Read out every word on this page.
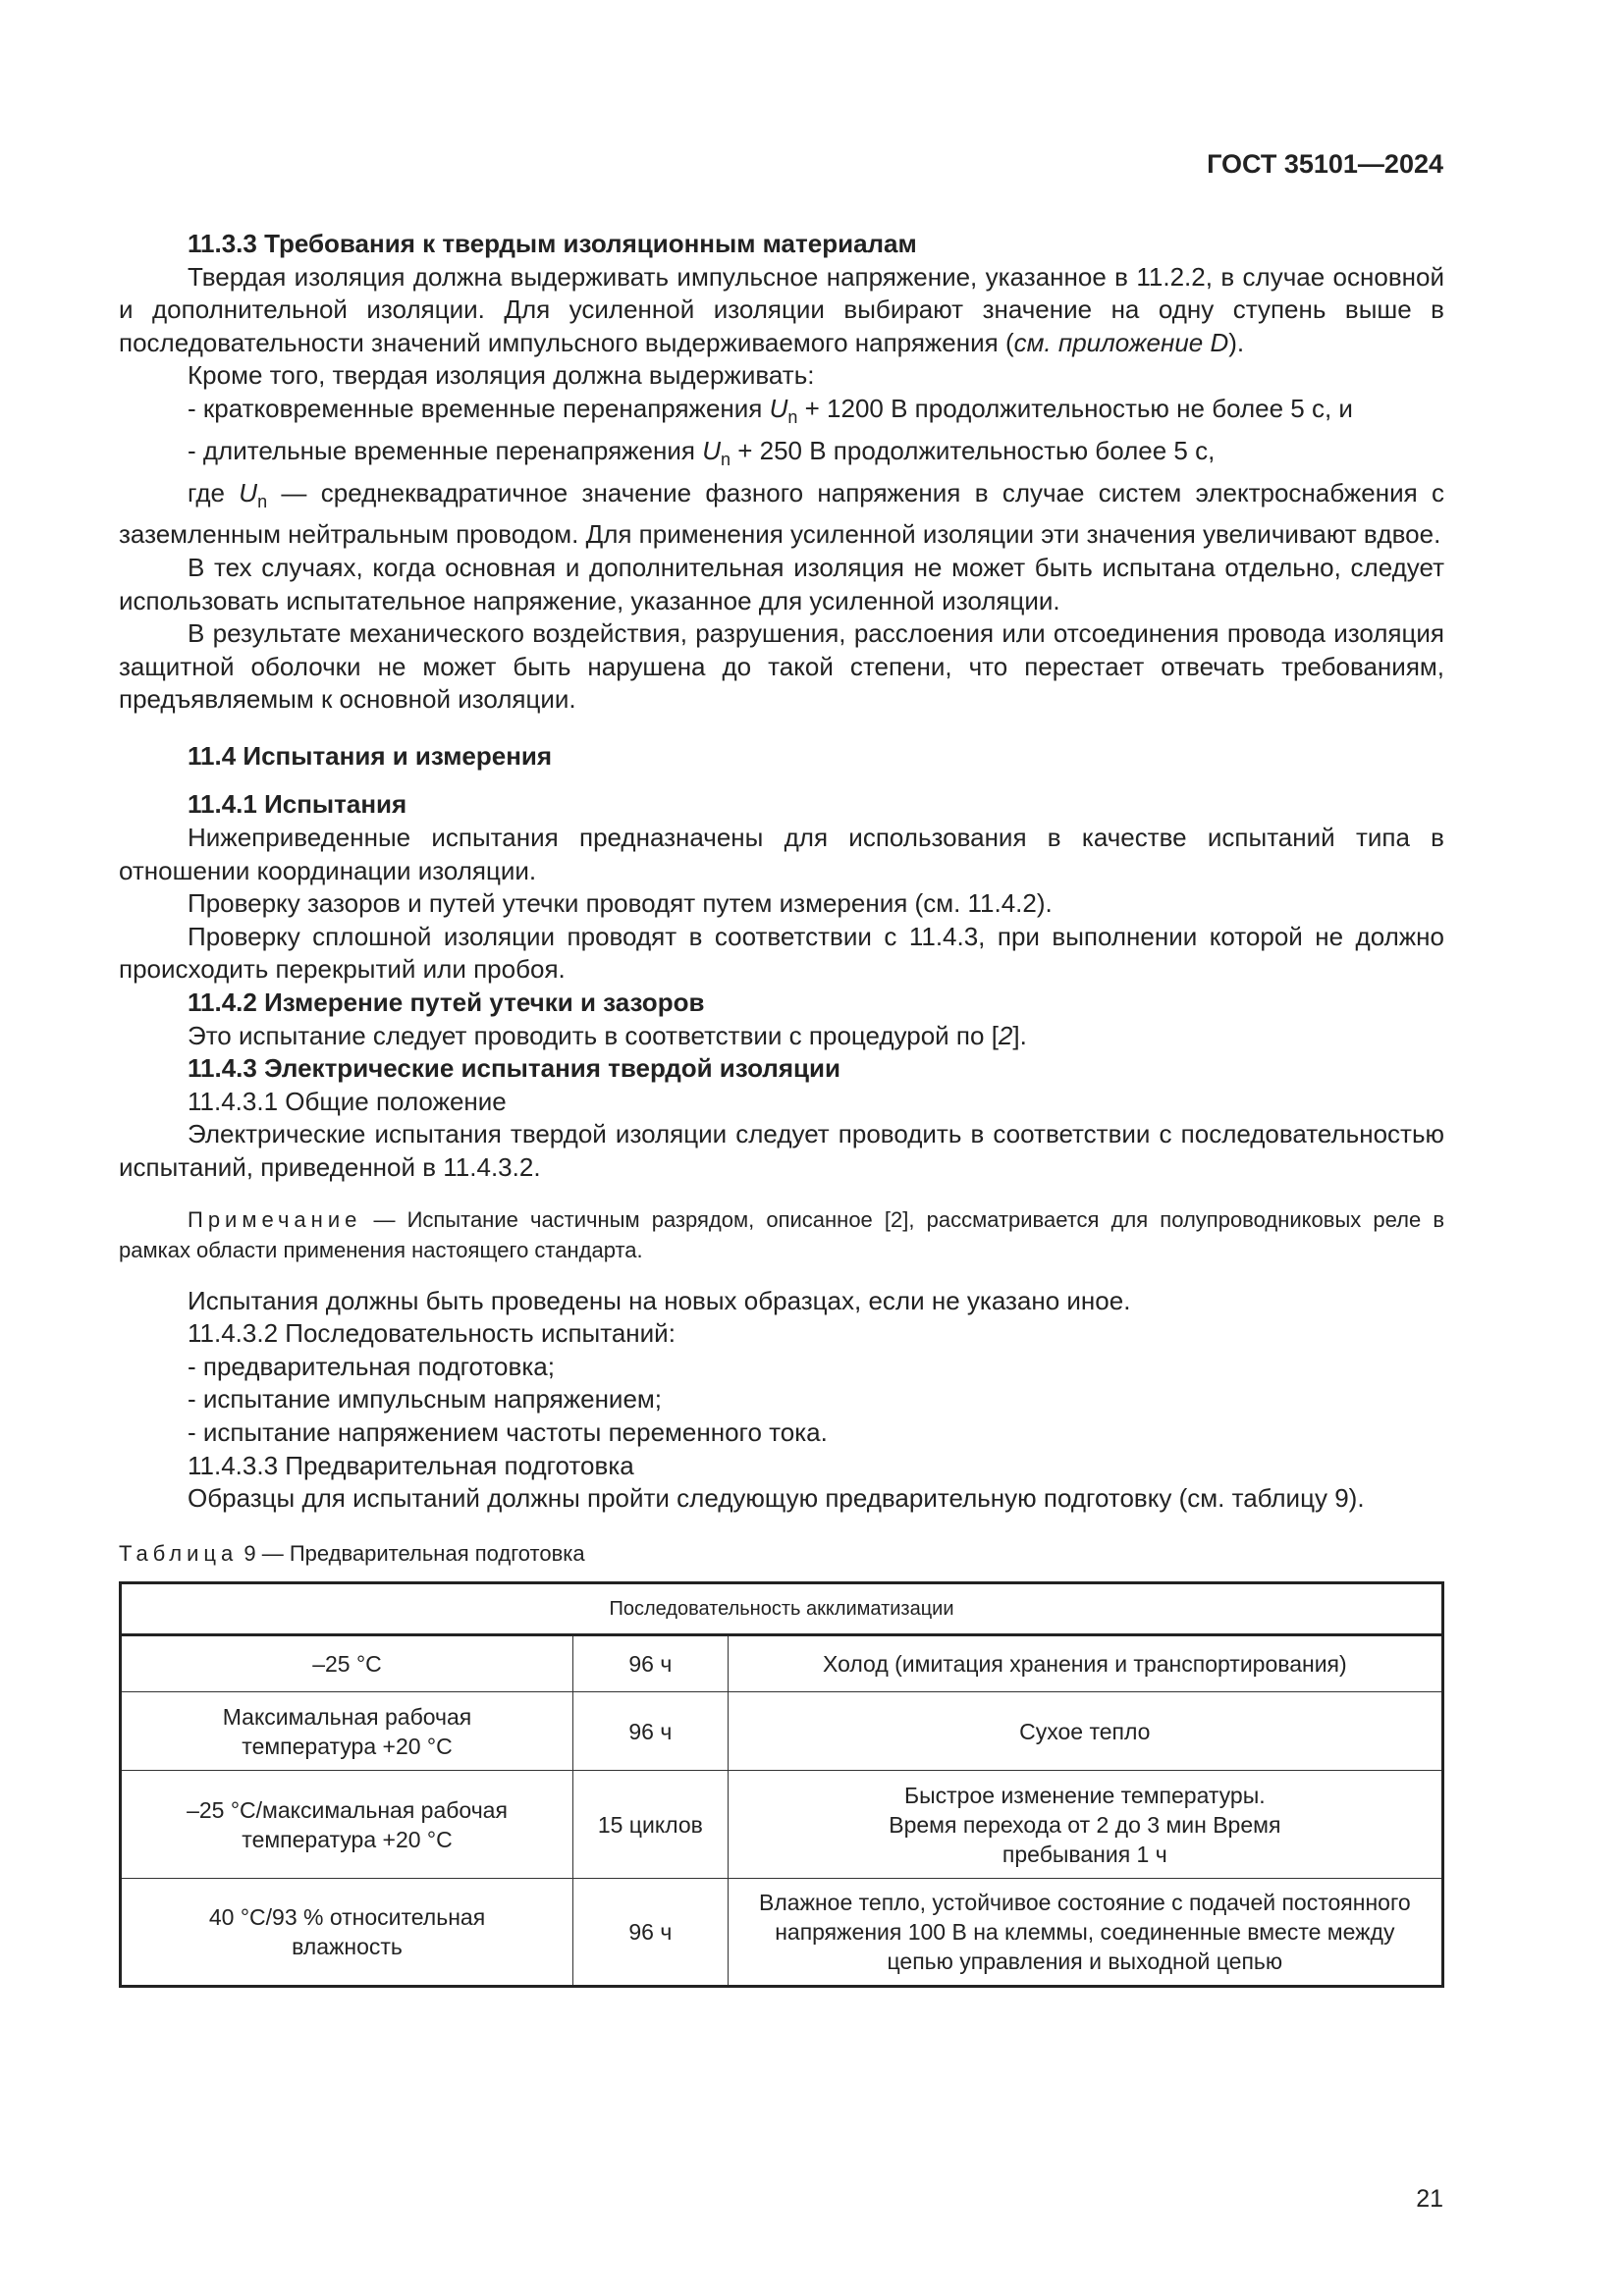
ГОСТ 35101—2024

11.3.3 Требования к твердым изоляционным материалам

Твердая изоляция должна выдерживать импульсное напряжение, указанное в 11.2.2, в случае основной и дополнительной изоляции. Для усиленной изоляции выбирают значение на одну ступень выше в последовательности значений импульсного выдерживаемого напряжения (см. приложение D).

Кроме того, твердая изоляция должна выдерживать:

- кратковременные временные перенапряжения $U_n + 1200$ В продолжительностью не более 5 с, и

- длительные временные перенапряжения $U_n + 250$ В продолжительностью более 5 с,

где $U_n$ — среднеквадратичное значение фазного напряжения в случае систем электроснабжения с заземленным нейтральным проводом. Для применения усиленной изоляции эти значения увеличивают вдвое.

В тех случаях, когда основная и дополнительная изоляция не может быть испытана отдельно, следует использовать испытательное напряжение, указанное для усиленной изоляции.

В результате механического воздействия, разрушения, расслоения или отсоединения провода изоляция защитной оболочки не может быть нарушена до такой степени, что перестает отвечать требованиям, предъявляемым к основной изоляции.

11.4 Испытания и измерения

11.4.1 Испытания

Нижеприведенные испытания предназначены для использования в качестве испытаний типа в отношении координации изоляции.

Проверку зазоров и путей утечки проводят путем измерения (см. 11.4.2).

Проверку сплошной изоляции проводят в соответствии с 11.4.3, при выполнении которой не должно происходить перекрытий или пробоя.

11.4.2 Измерение путей утечки и зазоров

Это испытание следует проводить в соответствии с процедурой по [2].

11.4.3 Электрические испытания твердой изоляции

11.4.3.1 Общие положение

Электрические испытания твердой изоляции следует проводить в соответствии с последовательностью испытаний, приведенной в 11.4.3.2.

Примечание — Испытание частичным разрядом, описанное [2], рассматривается для полупроводниковых реле в рамках области применения настоящего стандарта.

Испытания должны быть проведены на новых образцах, если не указано иное.

11.4.3.2 Последовательность испытаний:

- предварительная подготовка;

- испытание импульсным напряжением;

- испытание напряжением частоты переменного тока.

11.4.3.3 Предварительная подготовка

Образцы для испытаний должны пройти следующую предварительную подготовку (см. таблицу 9).

Таблица 9 — Предварительная подготовка
Последовательность акклиматизации		
–25 °С	96 ч	Холод (имитация хранения и транспортирования)
Максимальная рабочая температура +20 °С	96 ч	Сухое тепло
–25 °С/максимальная рабочая температура +20 °С	15 циклов	Быстрое изменение температуры. Время перехода от 2 до 3 мин Время пребывания 1 ч
40 °С/93 % относительная влажность	96 ч	Влажное тепло, устойчивое состояние с подачей постоянного напряжения 100 В на клеммы, соединенные вместе между цепью управления и выходной цепью
21
